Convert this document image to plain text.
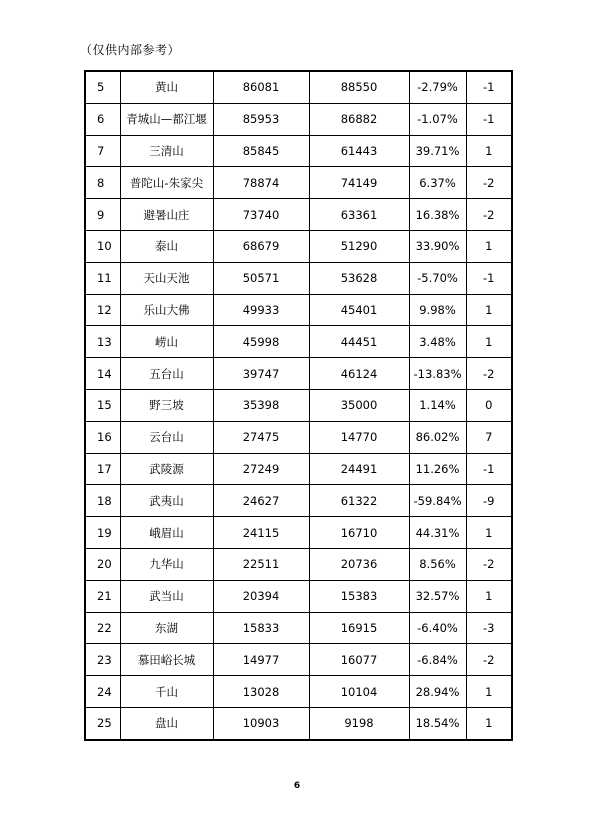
（仅供内部参考）
5	黄山	86081	88550	-2.79%	-1
6	青城山—都江堰	85953	86882	-1.07%	-1
7	三清山	85845	61443	39.71%	1
8	普陀山-朱家尖	78874	74149	6.37%	-2
9	避暑山庄	73740	63361	16.38%	-2
10	泰山	68679	51290	33.90%	1
11	天山天池	50571	53628	-5.70%	-1
12	乐山大佛	49933	45401	9.98%	1
13	崂山	45998	44451	3.48%	1
14	五台山	39747	46124	-13.83%	-2
15	野三坡	35398	35000	1.14%	0
16	云台山	27475	14770	86.02%	7
17	武陵源	27249	24491	11.26%	-1
18	武夷山	24627	61322	-59.84%	-9
19	峨眉山	24115	16710	44.31%	1
20	九华山	22511	20736	8.56%	-2
21	武当山	20394	15383	32.57%	1
22	东湖	15833	16915	-6.40%	-3
23	慕田峪长城	14977	16077	-6.84%	-2
24	千山	13028	10104	28.94%	1
25	盘山	10903	9198	18.54%	1
6
